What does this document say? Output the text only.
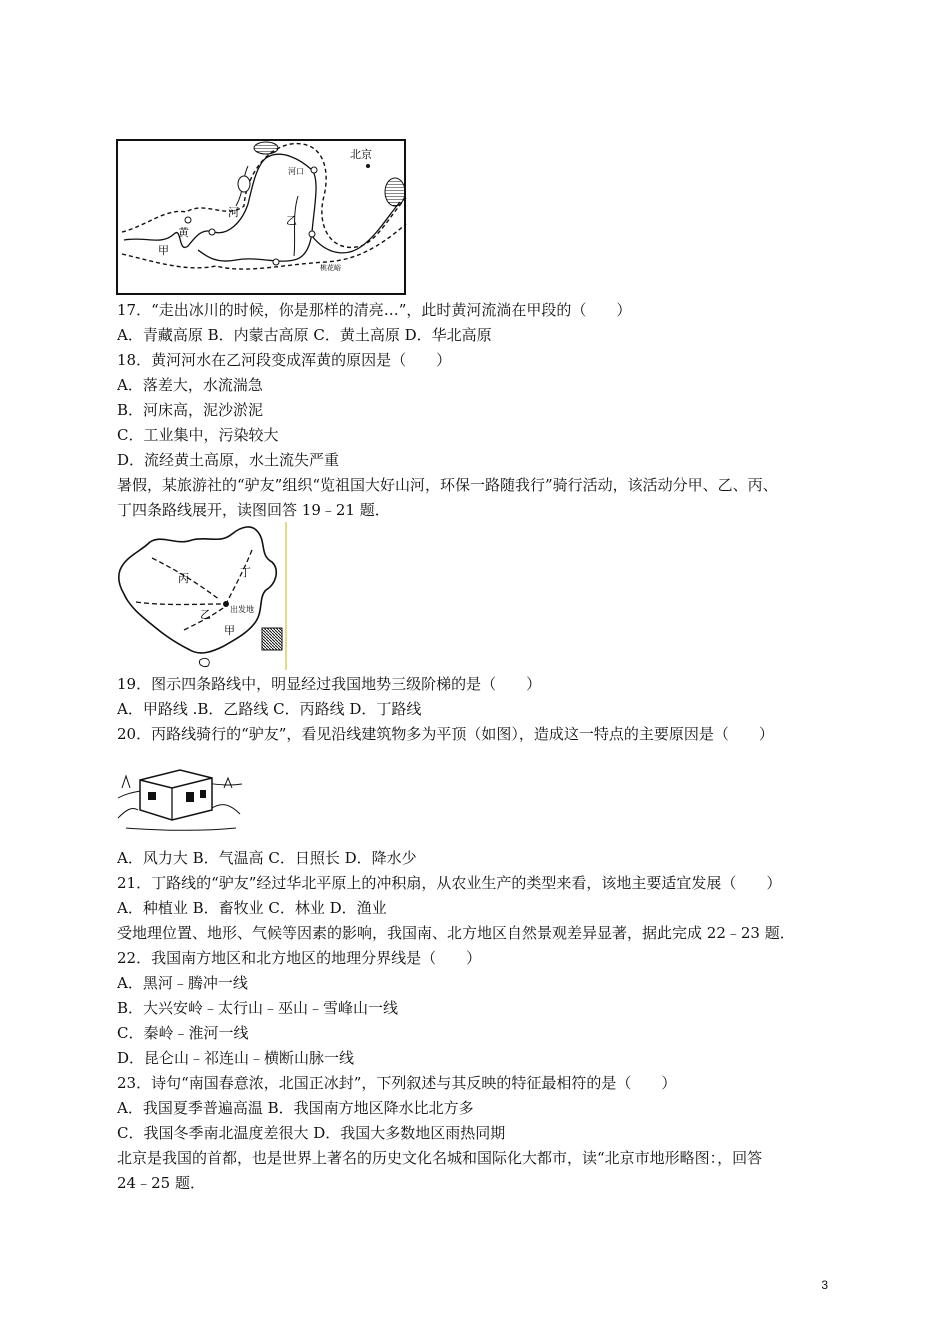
北京
河口
河
黄
甲
乙
桃花峪
丙	丁
乙
甲
出发地
17．“走出冰川的时候，你是那样的清亮…”，此时黄河流淌在甲段的（　　）
A．青藏高原 B．内蒙古高原 C．黄土高原 D．华北高原
18．黄河河水在乙河段变成浑黄的原因是（　　）
A．落差大，水流湍急
B．河床高，泥沙淤泥
C．工业集中，污染较大
D．流经黄土高原，水土流失严重
暑假，某旅游社的“驴友”组织“览祖国大好山河，环保一路随我行”骑行活动，该活动分甲、乙、丙、
丁四条路线展开，读图回答 19﹣21 题．
19．图示四条路线中，明显经过我国地势三级阶梯的是（　　）
A．甲路线 .B．乙路线 C．丙路线 D．丁路线
20．丙路线骑行的“驴友”，看见沿线建筑物多为平顶（如图），造成这一特点的主要原因是（　　）
A．风力大 B．气温高 C．日照长 D．降水少
21．丁路线的“驴友”经过华北平原上的冲积扇，从农业生产的类型来看，该地主要适宜发展（　　）
A．种植业 B．畜牧业 C．林业 D．渔业
受地理位置、地形、气候等因素的影响，我国南、北方地区自然景观差异显著，据此完成 22﹣23 题．
22．我国南方地区和北方地区的地理分界线是（　　）
A．黑河﹣腾冲一线
B．大兴安岭﹣太行山﹣巫山﹣雪峰山一线
C．秦岭﹣淮河一线
D．昆仑山﹣祁连山﹣横断山脉一线
23．诗句“南国春意浓，北国正冰封”，下列叙述与其反映的特征最相符的是（　　）
A．我国夏季普遍高温 B．我国南方地区降水比北方多
C．我国冬季南北温度差很大 D．我国大多数地区雨热同期
北京是我国的首都，也是世界上著名的历史文化名城和国际化大都市，读“北京市地形略图：，回答
24﹣25 题．
3
